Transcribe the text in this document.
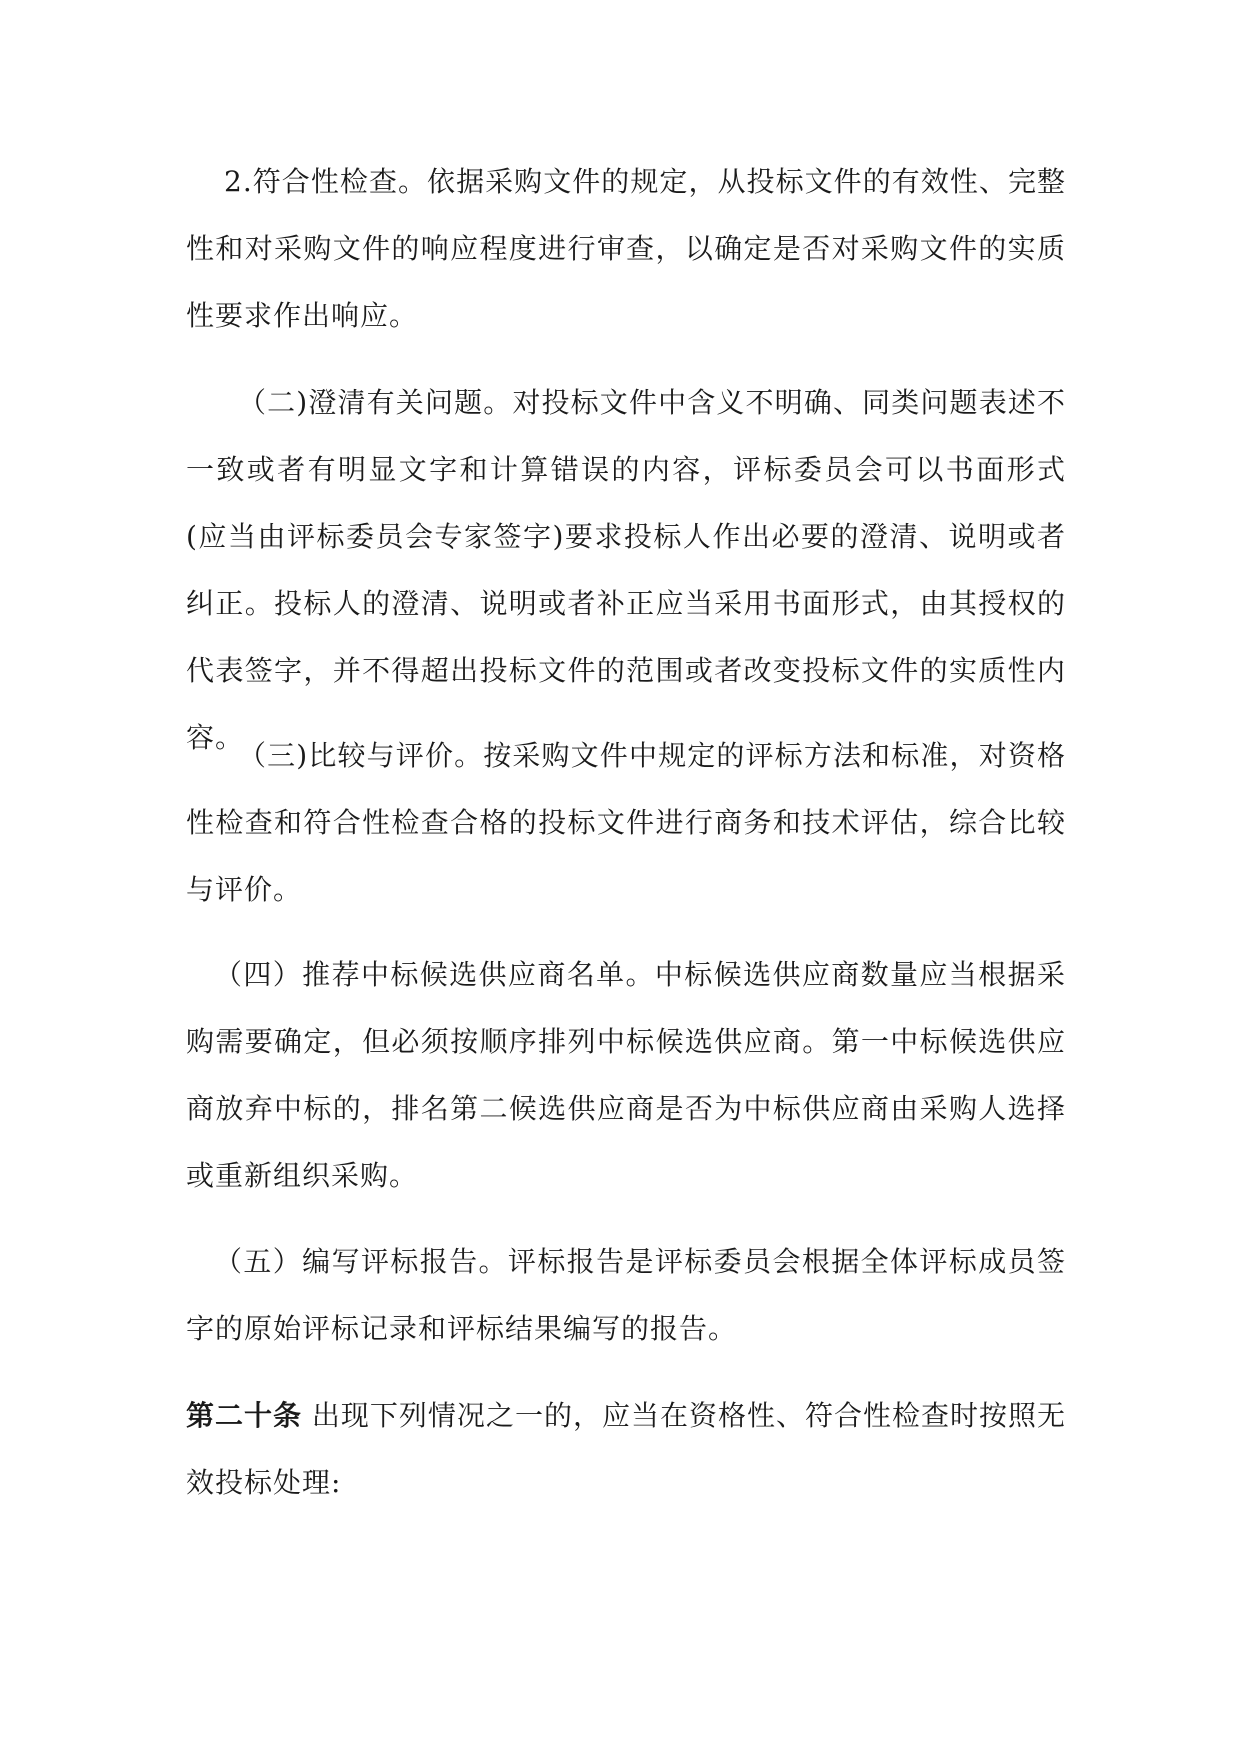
2.符合性检查。依据采购文件的规定，从投标文件的有效性、完整性和对采购文件的响应程度进行审查，以确定是否对采购文件的实质性要求作出响应。

（二)澄清有关问题。对投标文件中含义不明确、同类问题表述不一致或者有明显文字和计算错误的内容，评标委员会可以书面形式(应当由评标委员会专家签字)要求投标人作出必要的澄清、说明或者纠正。投标人的澄清、说明或者补正应当采用书面形式，由其授权的代表签字，并不得超出投标文件的范围或者改变投标文件的实质性内容。

（三)比较与评价。按采购文件中规定的评标方法和标准，对资格性检查和符合性检查合格的投标文件进行商务和技术评估，综合比较与评价。

（四）推荐中标候选供应商名单。中标候选供应商数量应当根据采购需要确定，但必须按顺序排列中标候选供应商。第一中标候选供应商放弃中标的，排名第二候选供应商是否为中标供应商由采购人选择或重新组织采购。

（五）编写评标报告。评标报告是评标委员会根据全体评标成员签字的原始评标记录和评标结果编写的报告。

第二十条 出现下列情况之一的，应当在资格性、符合性检查时按照无效投标处理:
